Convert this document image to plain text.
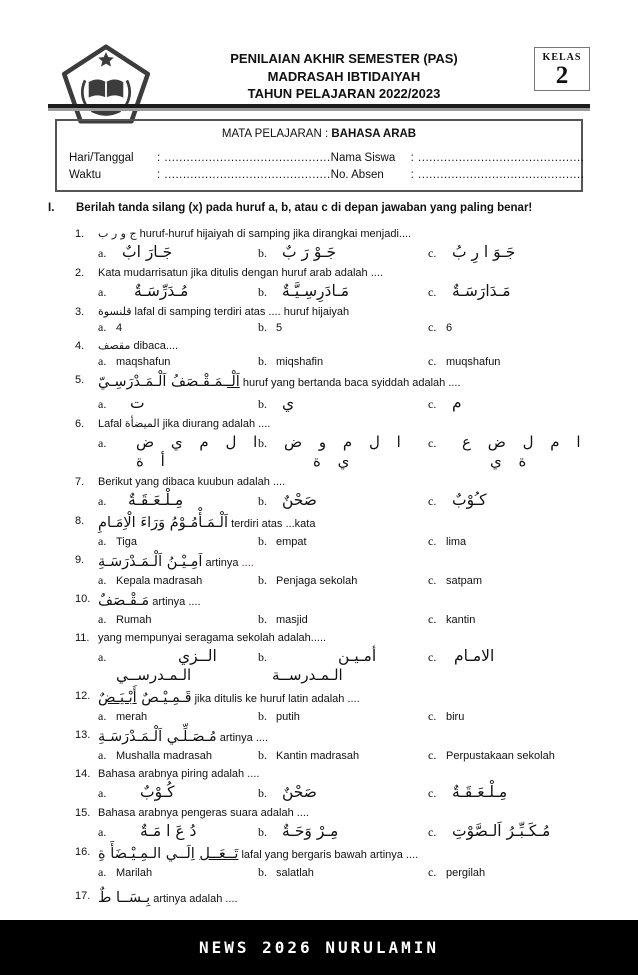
PENILAIAN AKHIR SEMESTER (PAS)
MADRASAH IBTIDAIYAH
TAHUN PELAJARAN 2022/2023
KELAS
2
MATA PELAJARAN : BAHASA ARAB
Hari/Tanggal	: .............................................
Waktu	: .............................................
Nama Siswa	: .............................................
No. Absen	: .............................................
I.	Berilah tanda silang (x) pada huruf a, b, atau c di depan jawaban yang paling benar!
1.	ج و ر ب huruf-huruf hijaiyah di samping jika dirangkai menjadi....
a.	جَـارَ ابٌ	b. جَـوْ رَ بٌ	c.	جَـوَ ا رِ بُ
2.	Kata mudarrisatun jika ditulis dengan huruf arab adalah ....
a.	مُـدَرِّسَـةٌ	b. مَـادَرِسِـيَّـةٌ	c.	مَـدَارَسَـةٌ
3.	قلنسوة lafal di samping terdiri atas .... huruf hijaiyah
a. 4	b. 5	c. 6
4.	مقصف dibaca....
a. maqshafun	b. miqshafin	c. muqshafun
5.	اَلْــمَـقْـصَفُ اَلْـمَـدْرَسِـيّ huruf yang bertanda baca syiddah adalah ....
a.	ت	b. ي	c.	م
6.	Lafal الميضأة jika diurang adalah ....
a.	ا ل م ي ض
أ ة
b.	ا ل م و ض
ي ة
c.	ا م ل ض ع
ة ي
7.	Berikut yang dibaca kuubun adalah ....
a.	مِـلْـعَـقَـةٌ	b. صَحْنٌ	c.	كـُوْبٌ
8. اَلْـمَـأْمُـوْمُ وَرَاءَ الْاِمَـامِ terdiri atas ...kata
a. Tiga	b. empat	c. lima
9. اَمِـيْـنُ اَلْـمَـدْرَسَـةِ artinya ....
a. Kepala madrasah	b. Penjaga sekolah	c. satpam
10. مَـقْـصَفٌ artinya ....
a. Rumah	b. masjid	c. kantin
11. yang mempunyai seragama sekolah adalah.....
a.	الــزي
الـمـدرســي
b.	أمـيـن
الـمـدرســة
c.	الامـام
12.	قَـمِـيْـصٌ أَبْـيَـضٌ	jika ditulis ke huruf latin adalah ....
a. merah	b. putih	c. biru
13. مُـصَـلِّـي اَلْـمَـدْرَسَـةِ artinya ....
a. Mushalla madrasah	b. Kantin madrasah	c. Perpustakaan sekolah
14. Bahasa arabnya piring adalah ....
a.	كُـوْبٌ	b. صَحْنٌ	c.	مِـلْـعَـقَـةٌ
15. Bahasa arabnya pengeras suara adalah ....
a.	دُ عَ ا مَـةٌ	b. مِـرْ وَحَـةٌ	c.	مُـكَـبِّـرُ اَلـصَّوْتِ
16.	تَــعَــل اِلَــي الـمِـيْـضَأَ ةِ	lafal yang bergaris bawah artinya ....
a. Marilah	b. salatlah	c. pergilah
17. بِـسَــا طٌ artinya adalah ....
NEWS 2026 NURULAMIN
